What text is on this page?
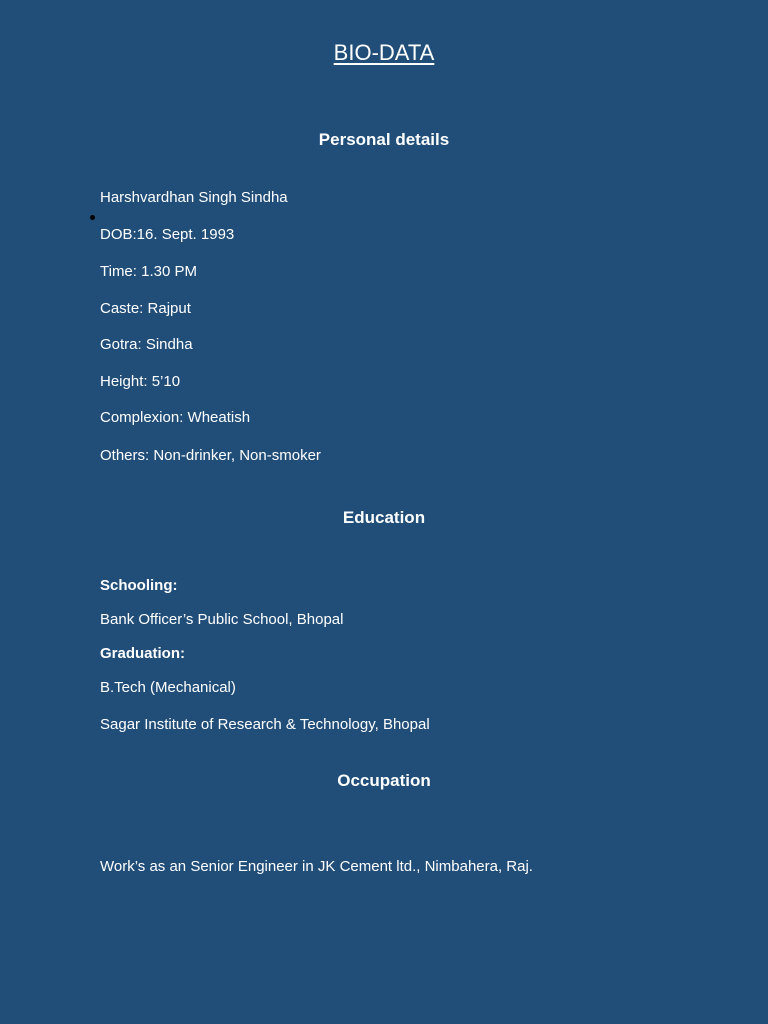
BIO-DATA
Personal details
Harshvardhan Singh Sindha
DOB:16. Sept. 1993
Time: 1.30 PM
Caste: Rajput
Gotra: Sindha
Height: 5’10
Complexion: Wheatish
Others: Non-drinker, Non-smoker
Education
Schooling:
Bank Officer’s Public School, Bhopal
Graduation:
B.Tech (Mechanical)
Sagar Institute of Research & Technology, Bhopal
Occupation
Work’s as an Senior Engineer in JK Cement ltd., Nimbahera, Raj.
